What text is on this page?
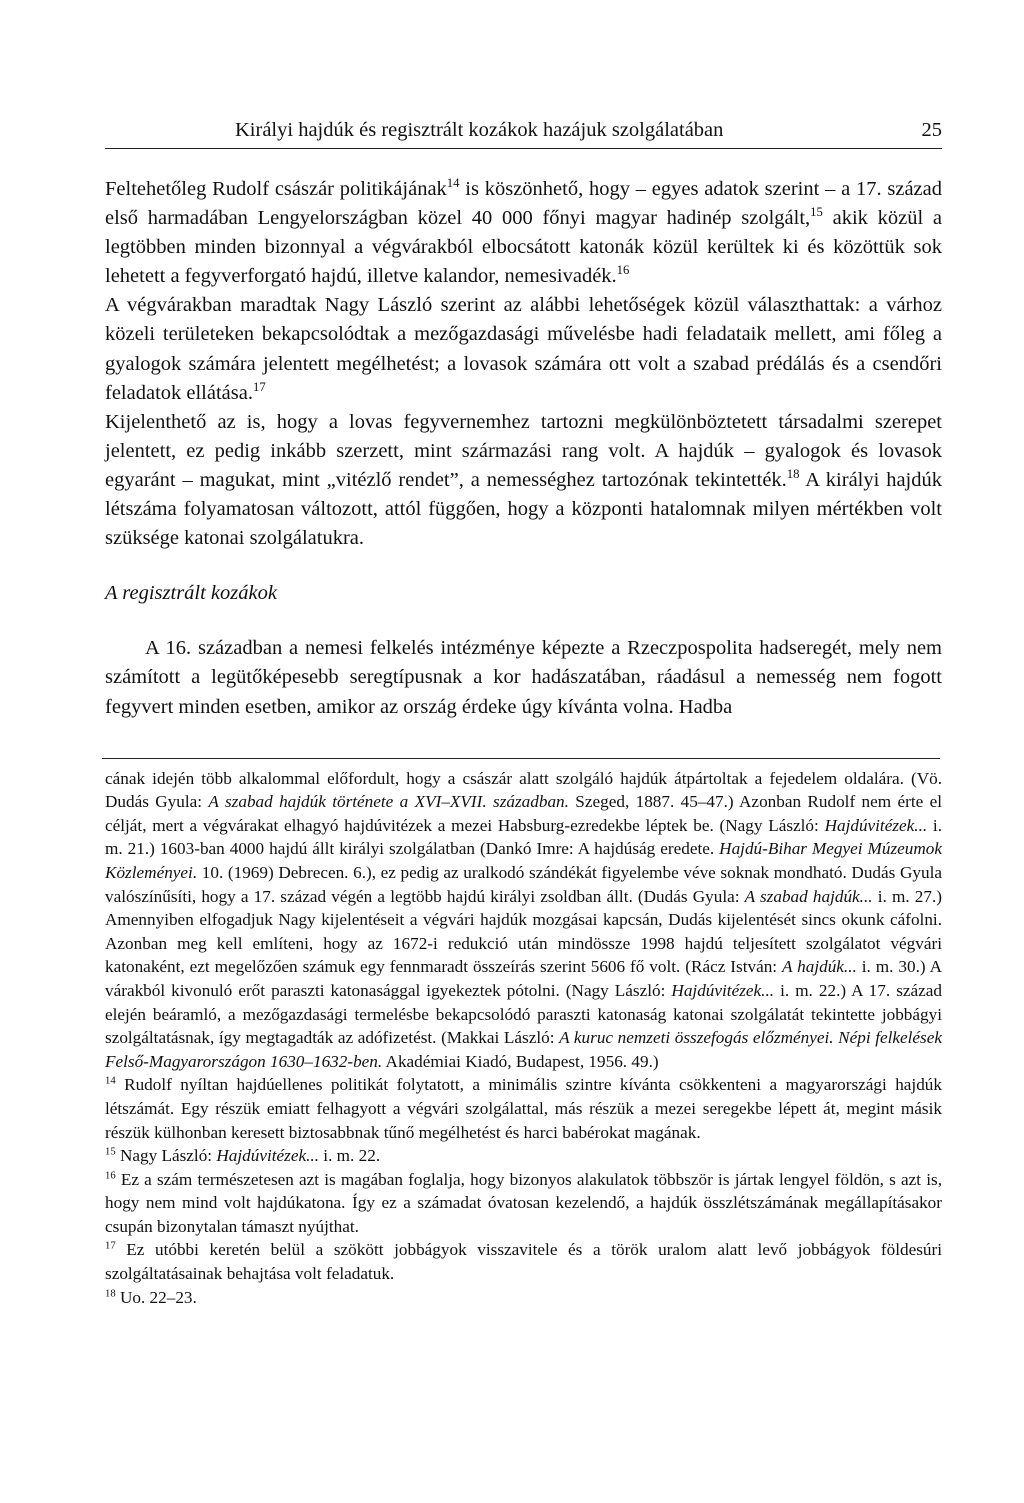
Királyi hajdúk és regisztrált kozákok hazájuk szolgálatában	25

Feltehetőleg Rudolf császár politikájának$^{14}$ is köszönhető, hogy – egyes adatok szerint – a 17. század első harmadában Lengyelországban közel 40 000 főnyi magyar hadinép szolgált,$^{15}$ akik közül a legtöbben minden bizonnyal a végvárakból elbocsátott katonák közül kerültek ki és közöttük sok lehetett a fegyverforgató hajdú, illetve kalandor, nemesivadék.$^{16}$

A végvárakban maradtak Nagy László szerint az alábbi lehetőségek közül választhattak: a várhoz közeli területeken bekapcsolódtak a mezőgazdasági művelésbe hadi feladataik mellett, ami főleg a gyalogok számára jelentett megélhetést; a lovasok számára ott volt a szabad prédálás és a csendőri feladatok ellátása.$^{17}$

Kijelenthető az is, hogy a lovas fegyvernemhez tartozni megkülönböztetett társadalmi szerepet jelentett, ez pedig inkább szerzett, mint származási rang volt. A hajdúk – gyalogok és lovasok egyaránt – magukat, mint „vitézlő rendet”, a nemességhez tartozónak tekintették.$^{18}$ A királyi hajdúk létszáma folyamatosan változott, attól függően, hogy a központi hatalomnak milyen mértékben volt szüksége katonai szolgálatukra.

A regisztrált kozákok

A 16. században a nemesi felkelés intézménye képezte a Rzeczpospolita hadseregét, mely nem számított a legütőképesebb seregtípusnak a kor hadászatában, ráadásul a nemesség nem fogott fegyvert minden esetben, amikor az ország érdeke úgy kívánta volna. Hadba

cának idején több alkalommal előfordult, hogy a császár alatt szolgáló hajdúk átpártoltak a fejedelem oldalára. (Vö. Dudás Gyula: A szabad hajdúk története a XVI–XVII. században. Szeged, 1887. 45–47.) Azonban Rudolf nem érte el célját, mert a végvárakat elhagyó hajdúvitézek a mezei Habsburg-ezredekbe léptek be. (Nagy László: Hajdúvitézek... i. m. 21.) 1603-ban 4000 hajdú állt királyi szolgálatban (Dankó Imre: A hajdúság eredete. Hajdú-Bihar Megyei Múzeumok Közleményei. 10. (1969) Debrecen. 6.), ez pedig az uralkodó szándékát figyelembe véve soknak mondható. Dudás Gyula valószínűsíti, hogy a 17. század végén a legtöbb hajdú királyi zsoldban állt. (Dudás Gyula: A szabad hajdúk... i. m. 27.) Amennyiben elfogadjuk Nagy kijelentéseit a végvári hajdúk mozgásai kapcsán, Dudás kijelentését sincs okunk cáfolni. Azonban meg kell említeni, hogy az 1672-i redukció után mindössze 1998 hajdú teljesített szolgálatot végvári katonaként, ezt megelőzően számuk egy fennmaradt összeírás szerint 5606 fő volt. (Rácz István: A hajdúk... i. m. 30.) A várakból kivonuló erőt paraszti katonasággal igyekeztek pótolni. (Nagy László: Hajdúvitézek... i. m. 22.) A 17. század elején beáramló, a mezőgazdasági termelésbe bekapcsolódó paraszti katonaság katonai szolgálatát tekintette jobbágyi szolgáltatásnak, így megtagadták az adófizetést. (Makkai László: A kuruc nemzeti összefogás előzményei. Népi felkelések Felső-Magyarországon 1630–1632-ben. Akadémiai Kiadó, Budapest, 1956. 49.)

$^{14}$ Rudolf nyíltan hajdúellenes politikát folytatott, a minimális szintre kívánta csökkenteni a magyarországi hajdúk létszámát. Egy részük emiatt felhagyott a végvári szolgálattal, más részük a mezei seregekbe lépett át, megint másik részük külhonban keresett biztosabbnak tűnő megélhetést és harci babérokat magának.

$^{15}$ Nagy László: Hajdúvitézek... i. m. 22.

$^{16}$ Ez a szám természetesen azt is magában foglalja, hogy bizonyos alakulatok többször is jártak lengyel földön, s azt is, hogy nem mind volt hajdúkatona. Így ez a számadat óvatosan kezelendő, a hajdúk összlétszámának megállapításakor csupán bizonytalan támaszt nyújthat.

$^{17}$ Ez utóbbi keretén belül a szökött jobbágyok visszavitele és a török uralom alatt levő jobbágyok földesúri szolgáltatásainak behajtása volt feladatuk.

$^{18}$ Uo. 22–23.
